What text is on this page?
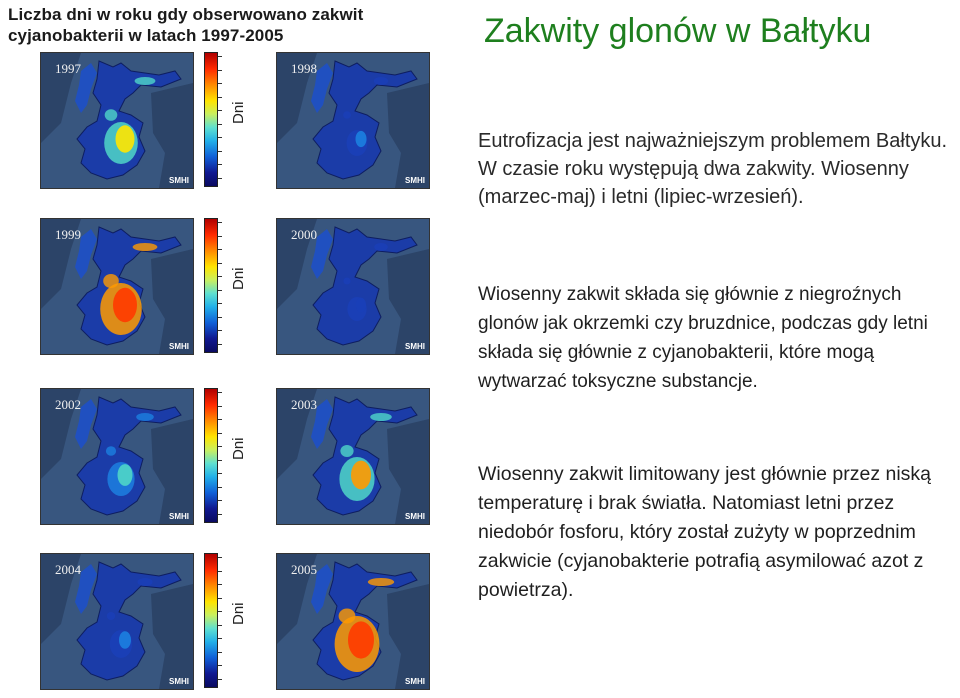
Liczba dni w roku gdy obserwowano zakwit
cyjanobakterii w latach 1997-2005
1997
SMHI
1998
SMHI
Dni
1999
SMHI
2000
SMHI
Dni
2002
SMHI
2003
SMHI
Dni
2004
SMHI
2005
SMHI
Dni
Zakwity glonów w Bałtyku
Eutrofizacja jest najważniejszym problemem Bałtyku. W czasie roku występują dwa zakwity. Wiosenny (marzec-maj) i letni (lipiec-wrzesień).
Wiosenny zakwit składa się głównie z niegroźnych glonów jak okrzemki czy bruzdnice, podczas gdy letni składa się głównie z cyjanobakterii, które mogą wytwarzać toksyczne substancje.
Wiosenny zakwit limitowany jest głównie przez niską temperaturę i brak światła. Natomiast letni przez niedobór fosforu, który został zużyty w poprzednim zakwicie (cyjanobakterie potrafią asymilować azot z powietrza).
